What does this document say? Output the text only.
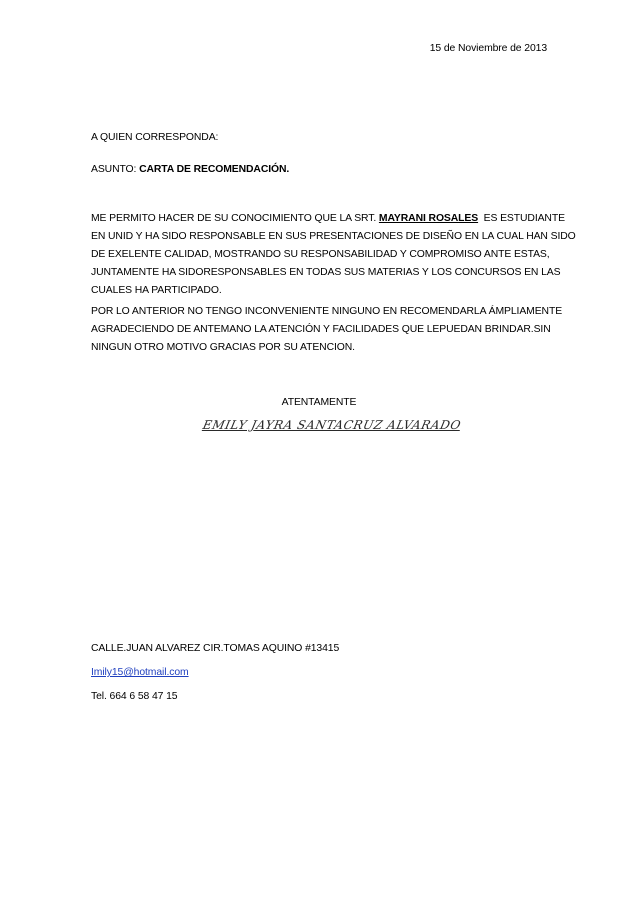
15 de Noviembre de 2013
A QUIEN CORRESPONDA:
ASUNTO: CARTA DE RECOMENDACIÓN.
ME PERMITO HACER DE SU CONOCIMIENTO QUE LA SRT. MAYRANI ROSALES  ES ESTUDIANTE
EN UNID Y HA SIDO RESPONSABLE EN SUS PRESENTACIONES DE DISEÑO EN LA CUAL HAN SIDO
DE EXELENTE CALIDAD, MOSTRANDO SU RESPONSABILIDAD Y COMPROMISO ANTE ESTAS,
JUNTAMENTE HA SIDORESPONSABLES EN TODAS SUS MATERIAS Y LOS CONCURSOS EN LAS
CUALES HA PARTICIPADO.
POR LO ANTERIOR NO TENGO INCONVENIENTE NINGUNO EN RECOMENDARLA ÁMPLIAMENTE
AGRADECIENDO DE ANTEMANO LA ATENCIÓN Y FACILIDADES QUE LEPUEDAN BRINDAR.SIN
NINGUN OTRO MOTIVO GRACIAS POR SU ATENCION.
ATENTAMENTE
EMILY JAYRA SANTACRUZ ALVARADO
CALLE.JUAN ALVAREZ CIR.TOMAS AQUINO #13415
Imily15@hotmail.com
Tel. 664 6 58 47 15
